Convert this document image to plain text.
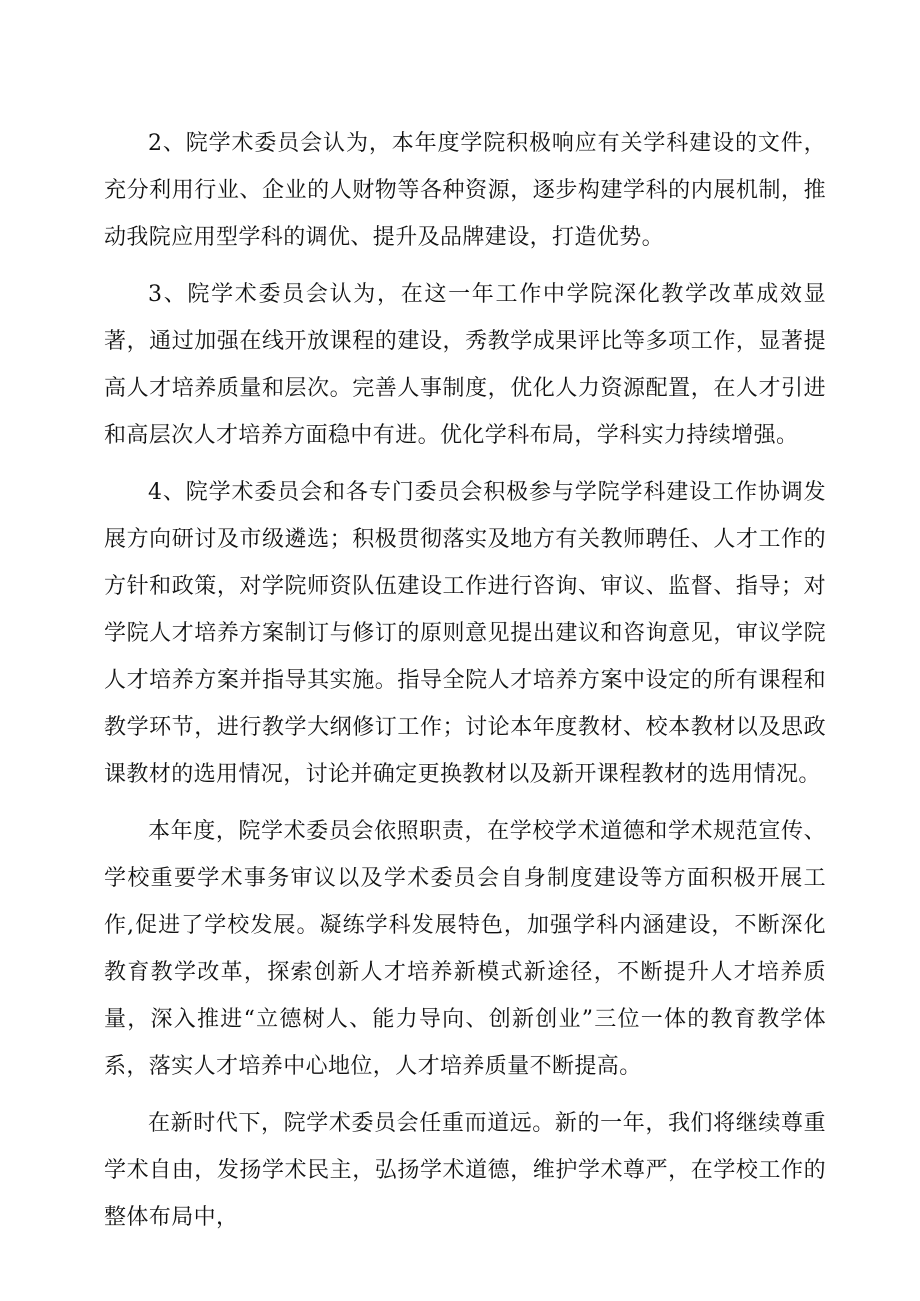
2、院学术委员会认为，本年度学院积极响应有关学科建设的文件，充分利用行业、企业的人财物等各种资源，逐步构建学科的内展机制，推动我院应用型学科的调优、提升及品牌建设，打造优势。

3、院学术委员会认为，在这一年工作中学院深化教学改革成效显著，通过加强在线开放课程的建设，秀教学成果评比等多项工作，显著提高人才培养质量和层次。完善人事制度，优化人力资源配置，在人才引进和高层次人才培养方面稳中有进。优化学科布局，学科实力持续增强。

4、院学术委员会和各专门委员会积极参与学院学科建设工作协调发展方向研讨及市级遴选；积极贯彻落实及地方有关教师聘任、人才工作的方针和政策，对学院师资队伍建设工作进行咨询、审议、监督、指导；对学院人才培养方案制订与修订的原则意见提出建议和咨询意见，审议学院人才培养方案并指导其实施。指导全院人才培养方案中设定的所有课程和教学环节，进行教学大纲修订工作；讨论本年度教材、校本教材以及思政课教材的选用情况，讨论并确定更换教材以及新开课程教材的选用情况。

本年度，院学术委员会依照职责，在学校学术道德和学术规范宣传、学校重要学术事务审议以及学术委员会自身制度建设等方面积极开展工作,促进了学校发展。凝练学科发展特色，加强学科内涵建设，不断深化教育教学改革，探索创新人才培养新模式新途径，不断提升人才培养质量，深入推进“立德树人、能力导向、创新创业”三位一体的教育教学体系，落实人才培养中心地位，人才培养质量不断提高。

在新时代下，院学术委员会任重而道远。新的一年，我们将继续尊重学术自由，发扬学术民主，弘扬学术道德，维护学术尊严，在学校工作的整体布局中，
